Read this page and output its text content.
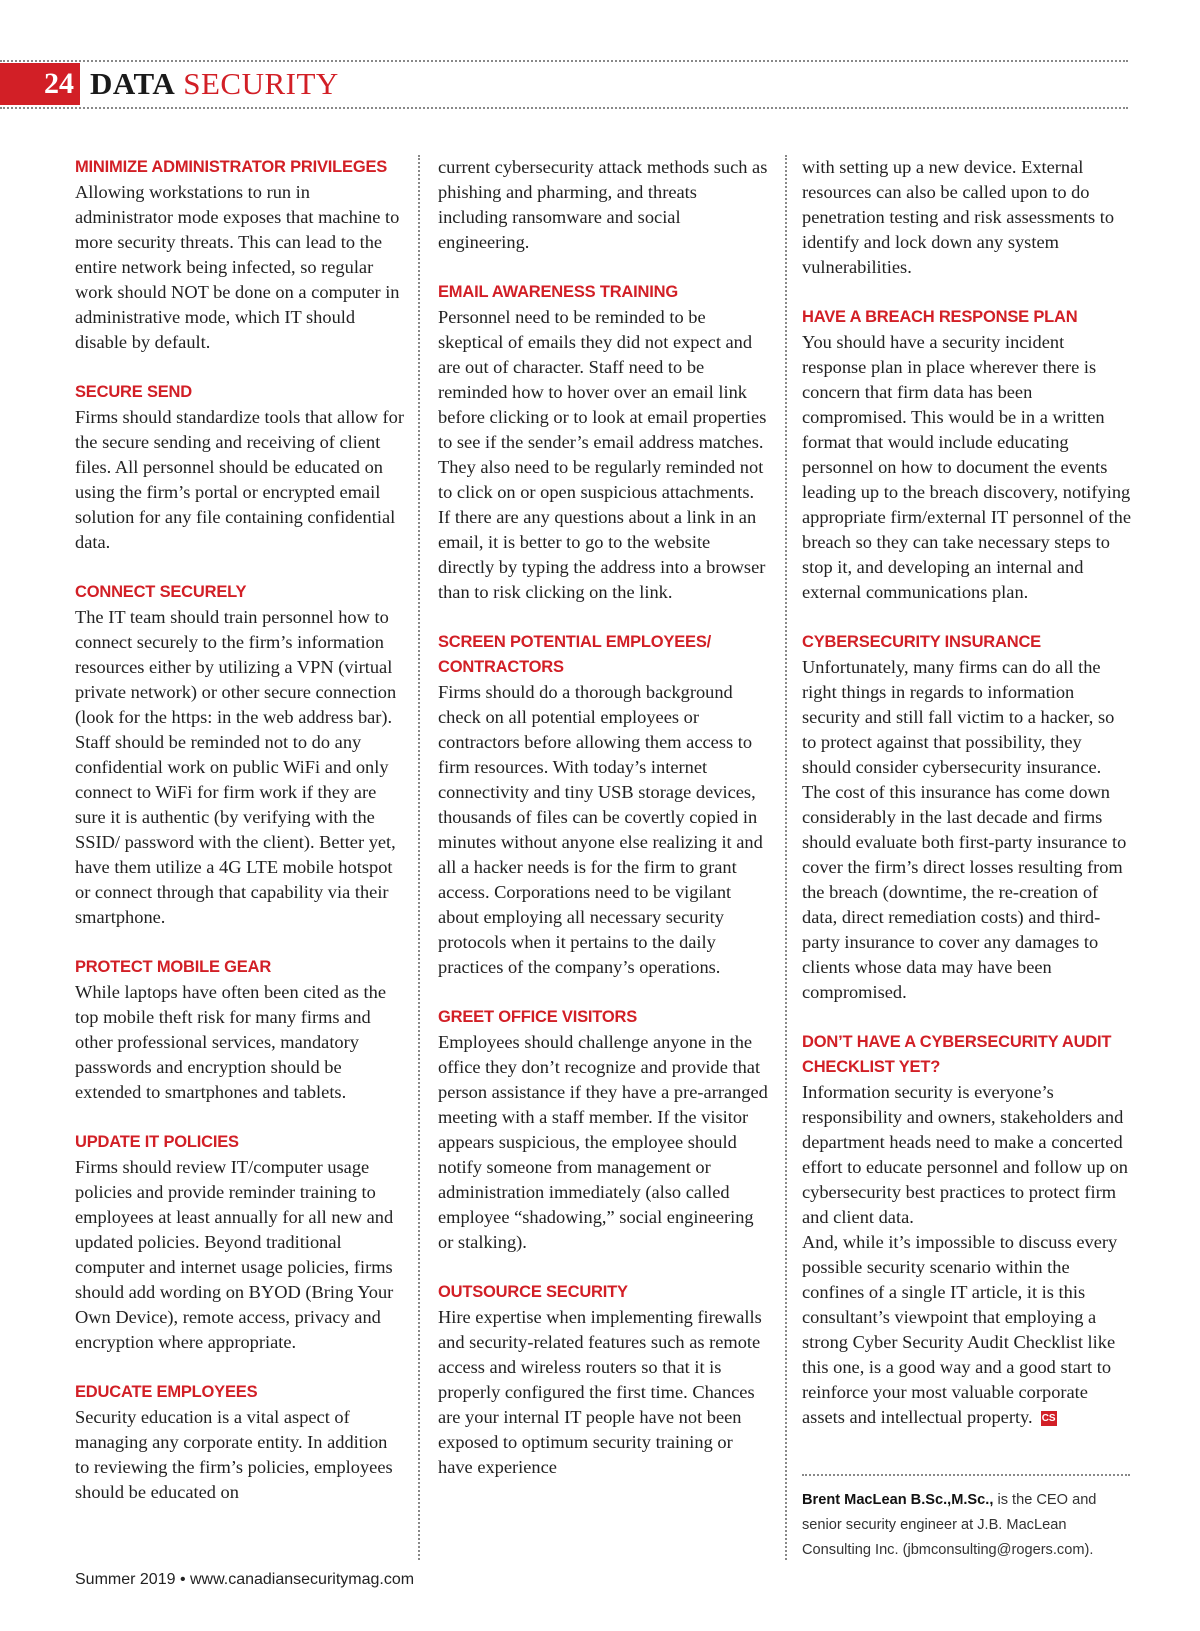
24 DATA SECURITY
MINIMIZE ADMINISTRATOR PRIVILEGES

Allowing workstations to run in administrator mode exposes that machine to more security threats. This can lead to the entire network being infected, so regular work should NOT be done on a computer in administrative mode, which IT should disable by default.

SECURE SEND

Firms should standardize tools that allow for the secure sending and receiving of client files. All personnel should be educated on using the firm’s portal or encrypted email solution for any file containing confidential data.

CONNECT SECURELY

The IT team should train personnel how to connect securely to the firm’s information resources either by utilizing a VPN (virtual private network) or other secure connection (look for the https: in the web address bar). Staff should be reminded not to do any confidential work on public WiFi and only connect to WiFi for firm work if they are sure it is authentic (by verifying with the SSID/ password with the client). Better yet, have them utilize a 4G LTE mobile hotspot or connect through that capability via their smartphone.

PROTECT MOBILE GEAR

While laptops have often been cited as the top mobile theft risk for many firms and other professional services, mandatory passwords and encryption should be extended to smartphones and tablets.

UPDATE IT POLICIES

Firms should review IT/computer usage policies and provide reminder training to employees at least annually for all new and updated policies. Beyond traditional computer and internet usage policies, firms should add wording on BYOD (Bring Your Own Device), remote access, privacy and encryption where appropriate.

EDUCATE EMPLOYEES

Security education is a vital aspect of managing any corporate entity. In addition to reviewing the firm’s policies, employees should be educated on

current cybersecurity attack methods such as phishing and pharming, and threats including ransomware and social engineering.

EMAIL AWARENESS TRAINING

Personnel need to be reminded to be skeptical of emails they did not expect and are out of character. Staff need to be reminded how to hover over an email link before clicking or to look at email properties to see if the sender’s email address matches. They also need to be regularly reminded not to click on or open suspicious attachments. If there are any questions about a link in an email, it is better to go to the website directly by typing the address into a browser than to risk clicking on the link.

SCREEN POTENTIAL EMPLOYEES/ CONTRACTORS

Firms should do a thorough background check on all potential employees or contractors before allowing them access to firm resources. With today’s internet connectivity and tiny USB storage devices, thousands of files can be covertly copied in minutes without anyone else realizing it and all a hacker needs is for the firm to grant access. Corporations need to be vigilant about employing all necessary security protocols when it pertains to the daily practices of the company’s operations.

GREET OFFICE VISITORS

Employees should challenge anyone in the office they don’t recognize and provide that person assistance if they have a pre-arranged meeting with a staff member. If the visitor appears suspicious, the employee should notify someone from management or administration immediately (also called employee “shadowing,” social engineering or stalking).

OUTSOURCE SECURITY

Hire expertise when implementing firewalls and security-related features such as remote access and wireless routers so that it is properly configured the first time. Chances are your internal IT people have not been exposed to optimum security training or have experience

with setting up a new device. External resources can also be called upon to do penetration testing and risk assessments to identify and lock down any system vulnerabilities.

HAVE A BREACH RESPONSE PLAN

You should have a security incident response plan in place wherever there is concern that firm data has been compromised. This would be in a written format that would include educating personnel on how to document the events leading up to the breach discovery, notifying appropriate firm/external IT personnel of the breach so they can take necessary steps to stop it, and developing an internal and external communications plan.

CYBERSECURITY INSURANCE

Unfortunately, many firms can do all the right things in regards to information security and still fall victim to a hacker, so to protect against that possibility, they should consider cybersecurity insurance. The cost of this insurance has come down considerably in the last decade and firms should evaluate both first-party insurance to cover the firm’s direct losses resulting from the breach (downtime, the re-creation of data, direct remediation costs) and third-party insurance to cover any damages to clients whose data may have been compromised.

DON’T HAVE A CYBERSECURITY AUDIT CHECKLIST YET?

Information security is everyone’s responsibility and owners, stakeholders and department heads need to make a concerted effort to educate personnel and follow up on cybersecurity best practices to protect firm and client data.

And, while it’s impossible to discuss every possible security scenario within the confines of a single IT article, it is this consultant’s viewpoint that employing a strong Cyber Security Audit Checklist like this one, is a good way and a good start to reinforce your most valuable corporate assets and intellectual property. CS

Brent MacLean B.Sc.,M.Sc., is the CEO and senior security engineer at J.B. MacLean Consulting Inc. (jbmconsulting@rogers.com).
Summer 2019 • www.canadiansecuritymag.com
